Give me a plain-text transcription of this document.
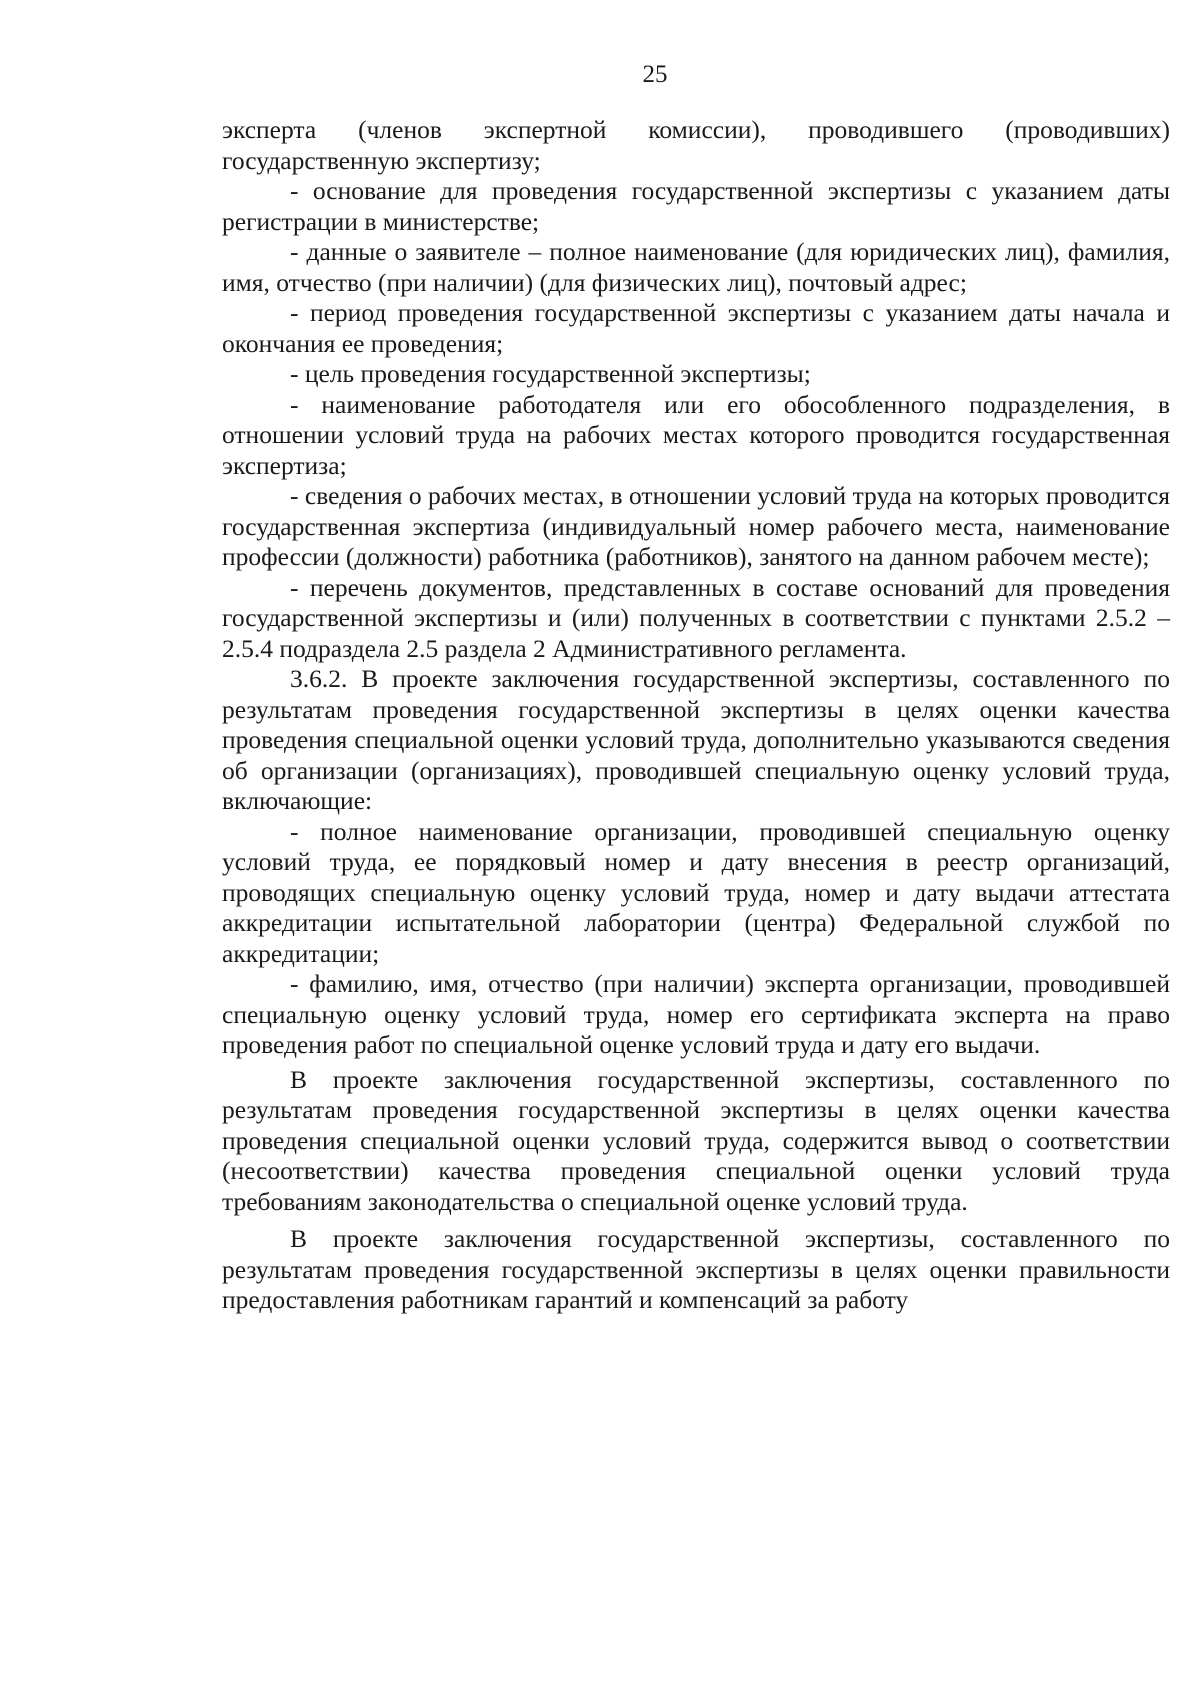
25

эксперта (членов экспертной комиссии), проводившего (проводивших) государственную экспертизу;

- основание для проведения государственной экспертизы с указанием даты регистрации в министерстве;

- данные о заявителе – полное наименование (для юридических лиц), фамилия, имя, отчество (при наличии) (для физических лиц), почтовый адрес;

- период проведения государственной экспертизы с указанием даты начала и окончания ее проведения;

- цель проведения государственной экспертизы;

- наименование работодателя или его обособленного подразделения, в отношении условий труда на рабочих местах которого проводится государственная экспертиза;

- сведения о рабочих местах, в отношении условий труда на которых проводится государственная экспертиза (индивидуальный номер рабочего места, наименование профессии (должности) работника (работников), занятого на данном рабочем месте);

- перечень документов, представленных в составе оснований для проведения государственной экспертизы и (или) полученных в соответствии с пунктами 2.5.2 – 2.5.4 подраздела 2.5 раздела 2 Административного регламента.

3.6.2. В проекте заключения государственной экспертизы, составленного по результатам проведения государственной экспертизы в целях оценки качества проведения специальной оценки условий труда, дополнительно указываются сведения об организации (организациях), проводившей специальную оценку условий труда, включающие:

- полное наименование организации, проводившей специальную оценку условий труда, ее порядковый номер и дату внесения в реестр организаций, проводящих специальную оценку условий труда, номер и дату выдачи аттестата аккредитации испытательной лаборатории (центра) Федеральной службой по аккредитации;

- фамилию, имя, отчество (при наличии) эксперта организации, проводившей специальную оценку условий труда, номер его сертификата эксперта на право проведения работ по специальной оценке условий труда и дату его выдачи.

В проекте заключения государственной экспертизы, составленного по результатам проведения государственной экспертизы в целях оценки качества проведения специальной оценки условий труда, содержится вывод о соответствии (несоответствии) качества проведения специальной оценки условий труда требованиям законодательства о специальной оценке условий труда.

В проекте заключения государственной экспертизы, составленного по результатам проведения государственной экспертизы в целях оценки правильности предоставления работникам гарантий и компенсаций за работу
